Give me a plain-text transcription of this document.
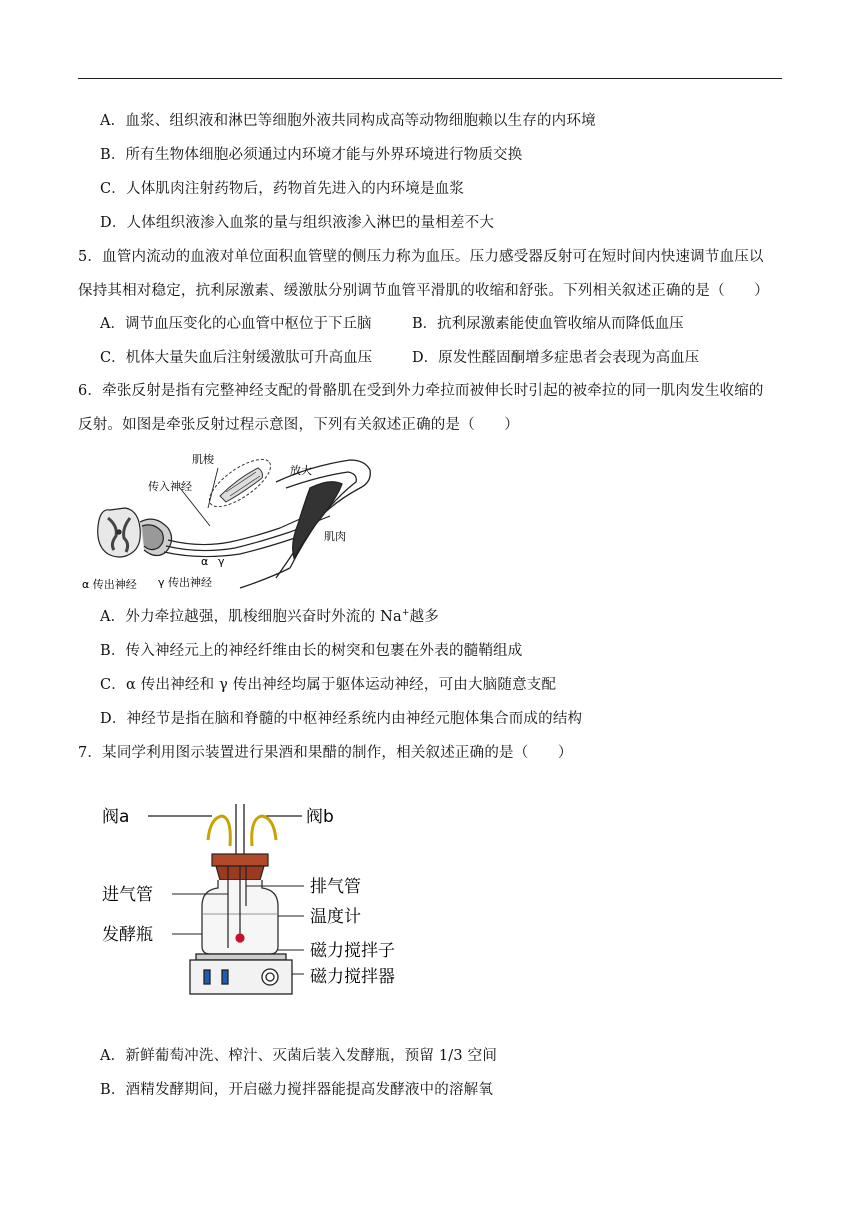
A．血浆、组织液和淋巴等细胞外液共同构成高等动物细胞赖以生存的内环境
B．所有生物体细胞必须通过内环境才能与外界环境进行物质交换
C．人体肌肉注射药物后，药物首先进入的内环境是血浆
D．人体组织液渗入血浆的量与组织液渗入淋巴的量相差不大
5．血管内流动的血液对单位面积血管壁的侧压力称为血压。压力感受器反射可在短时间内快速调节血压以
保持其相对稳定，抗利尿激素、缓激肽分别调节血管平滑肌的收缩和舒张。下列相关叙述正确的是（　　）
A．调节血压变化的心血管中枢位于下丘脑	B．抗利尿激素能使血管收缩从而降低血压
C．机体大量失血后注射缓激肽可升高血压	D．原发性醛固酮增多症患者会表现为高血压
6．牵张反射是指有完整神经支配的骨骼肌在受到外力牵拉而被伸长时引起的被牵拉的同一肌肉发生收缩的
反射。如图是牵张反射过程示意图，下列有关叙述正确的是（　　）
肌梭
放大
传入神经
肌肉
α γ
α 传出神经 γ 传出神经
A．外力牵拉越强，肌梭细胞兴奋时外流的 Na+越多
B．传入神经元上的神经纤维由长的树突和包裹在外表的髓鞘组成
C．α 传出神经和 γ 传出神经均属于躯体运动神经，可由大脑随意支配
D．神经节是指在脑和脊髓的中枢神经系统内由神经元胞体集合而成的结构
7．某同学利用图示装置进行果酒和果醋的制作，相关叙述正确的是（　　）
阀a	阀b
进气管
发酵瓶
排气管
温度计
磁力搅拌子
磁力搅拌器
A．新鲜葡萄冲洗、榨汁、灭菌后装入发酵瓶，预留 1/3 空间
B．酒精发酵期间，开启磁力搅拌器能提高发酵液中的溶解氧
